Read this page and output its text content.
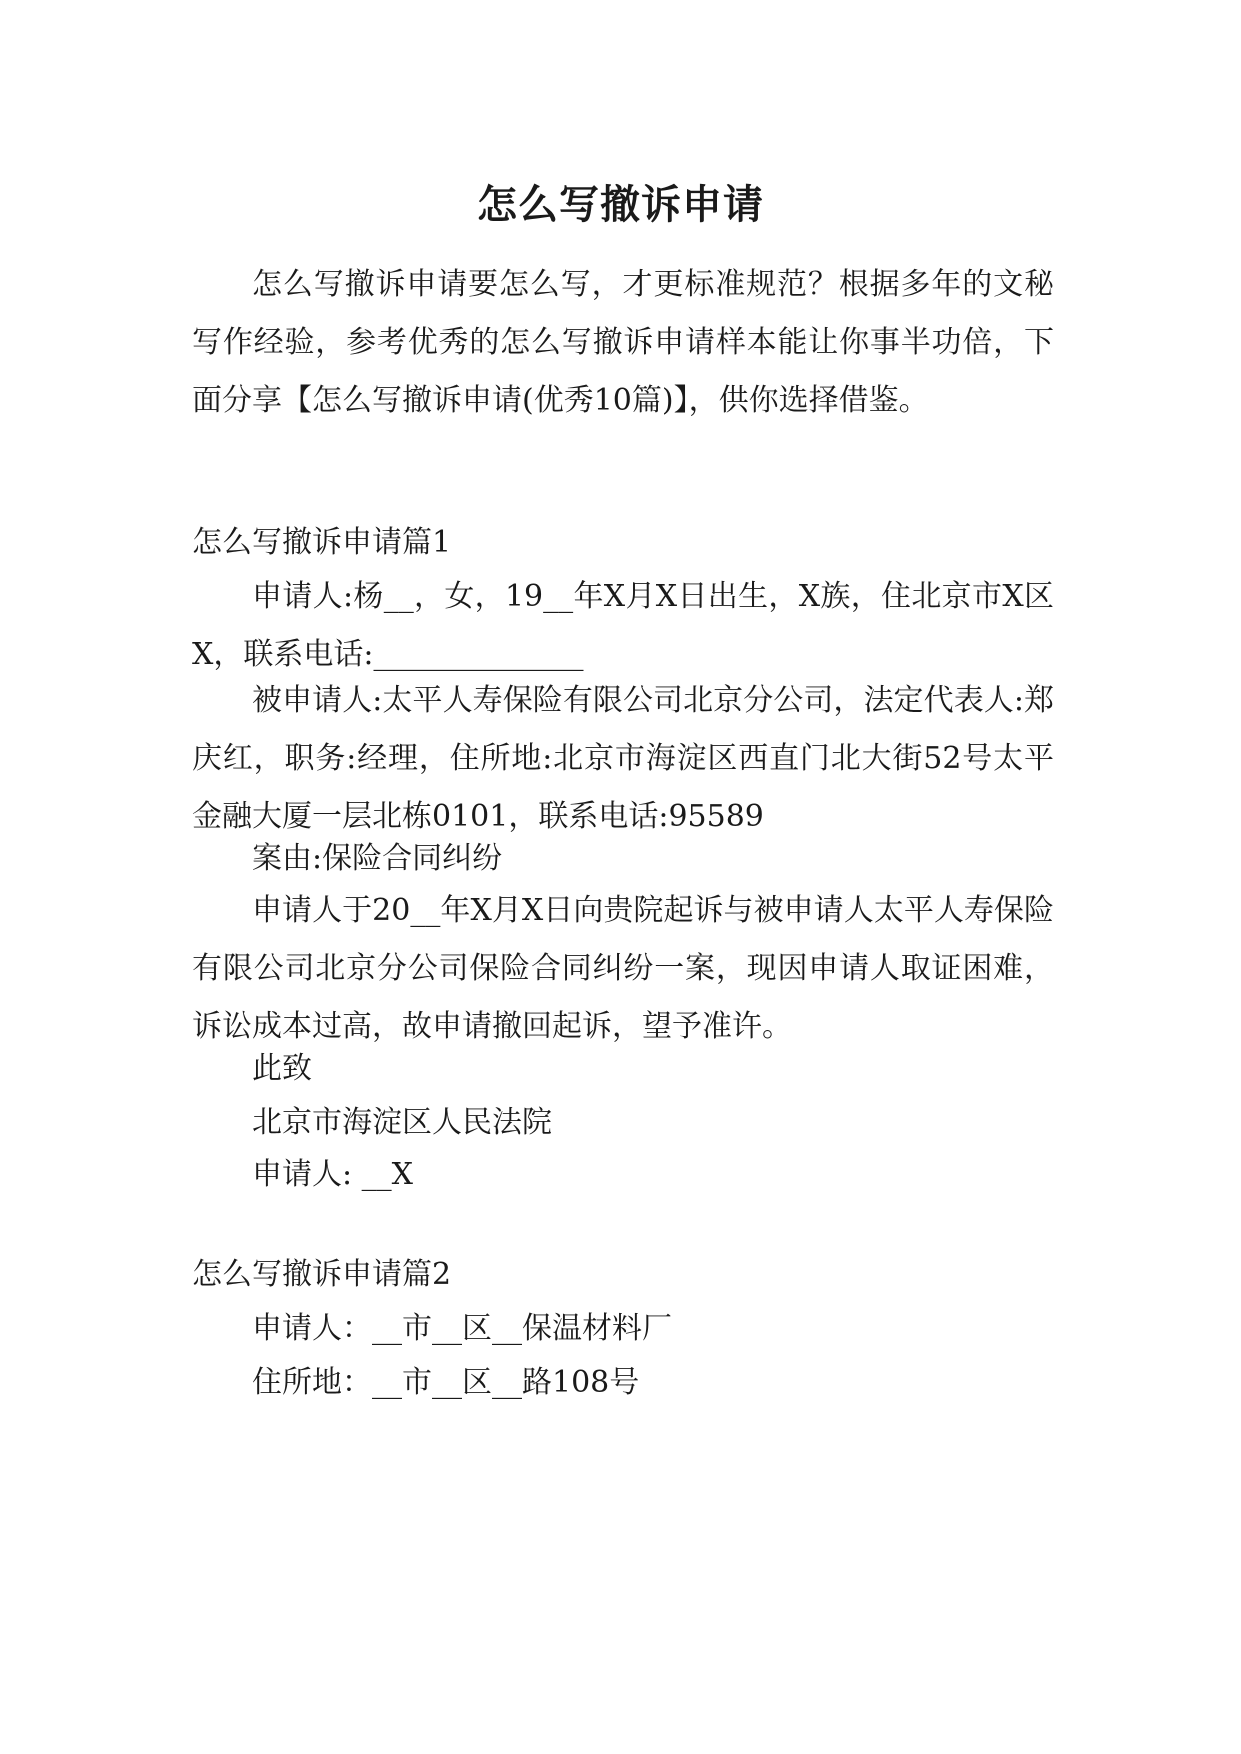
怎么写撤诉申请

怎么写撤诉申请要怎么写，才更标准规范？根据多年的文秘写作经验，参考优秀的怎么写撤诉申请样本能让你事半功倍，下面分享【怎么写撤诉申请(优秀10篇)】，供你选择借鉴。

怎么写撤诉申请篇1

申请人:杨__，女，19__年X月X日出生，X族，住北京市X区X，联系电话:______________

被申请人:太平人寿保险有限公司北京分公司，法定代表人:郑庆红，职务:经理，住所地:北京市海淀区西直门北大街52号太平金融大厦一层北栋0101，联系电话:95589

案由:保险合同纠纷

申请人于20__年X月X日向贵院起诉与被申请人太平人寿保险有限公司北京分公司保险合同纠纷一案，现因申请人取证困难，诉讼成本过高，故申请撤回起诉，望予准许。

此致
北京市海淀区人民法院
申请人: __X
怎么写撤诉申请篇2
申请人：__市__区__保温材料厂
住所地：__市__区__路108号
